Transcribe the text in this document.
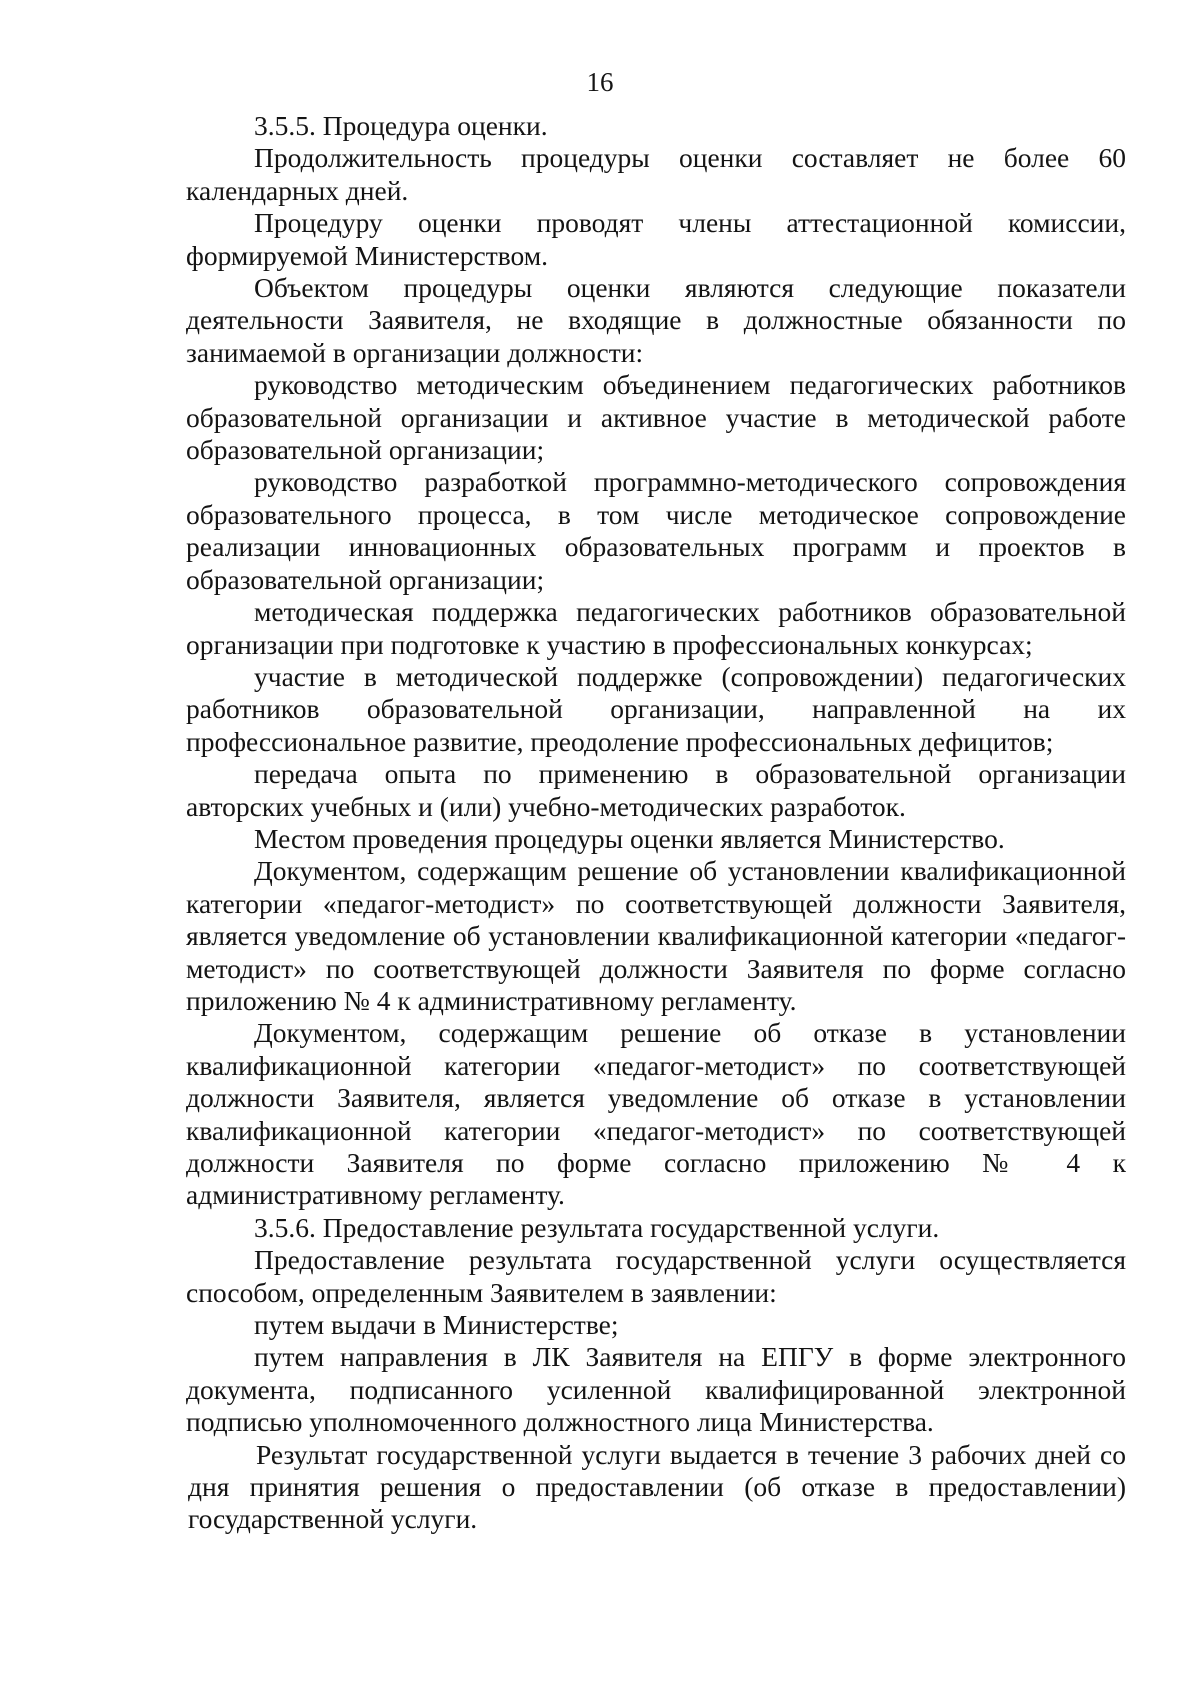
16

3.5.5. Процедура оценки.

Продолжительность процедуры оценки составляет не более 60 календарных дней.

Процедуру оценки проводят члены аттестационной комиссии, формируемой Министерством.

Объектом процедуры оценки являются следующие показатели деятельности Заявителя, не входящие в должностные обязанности по занимаемой в организации должности:

руководство методическим объединением педагогических работников образовательной организации и активное участие в методической работе образовательной организации;

руководство разработкой программно-методического сопровождения образовательного процесса, в том числе методическое сопровождение реализации инновационных образовательных программ и проектов в образовательной организации;

методическая поддержка педагогических работников образовательной организации при подготовке к участию в профессиональных конкурсах;

участие в методической поддержке (сопровождении) педагогических работников образовательной организации, направленной на их профессиональное развитие, преодоление профессиональных дефицитов;

передача опыта по применению в образовательной организации авторских учебных и (или) учебно-методических разработок.

Местом проведения процедуры оценки является Министерство.

Документом, содержащим решение об установлении квалификационной категории «педагог-методист» по соответствующей должности Заявителя, является уведомление об установлении квалификационной категории «педагог-методист» по соответствующей должности Заявителя по форме согласно приложению № 4 к административному регламенту.

Документом, содержащим решение об отказе в установлении квалификационной категории «педагог-методист» по соответствующей должности Заявителя, является уведомление об отказе в установлении квалификационной категории «педагог-методист» по соответствующей должности Заявителя по форме согласно приложению № 4 к административному регламенту.

3.5.6. Предоставление результата государственной услуги.

Предоставление результата государственной услуги осуществляется способом, определенным Заявителем в заявлении:

путем выдачи в Министерстве;

путем направления в ЛК Заявителя на ЕПГУ в форме электронного документа, подписанного усиленной квалифицированной электронной подписью уполномоченного должностного лица Министерства.

Результат государственной услуги выдается в течение 3 рабочих дней со дня принятия решения о предоставлении (об отказе в предоставлении) государственной услуги.
